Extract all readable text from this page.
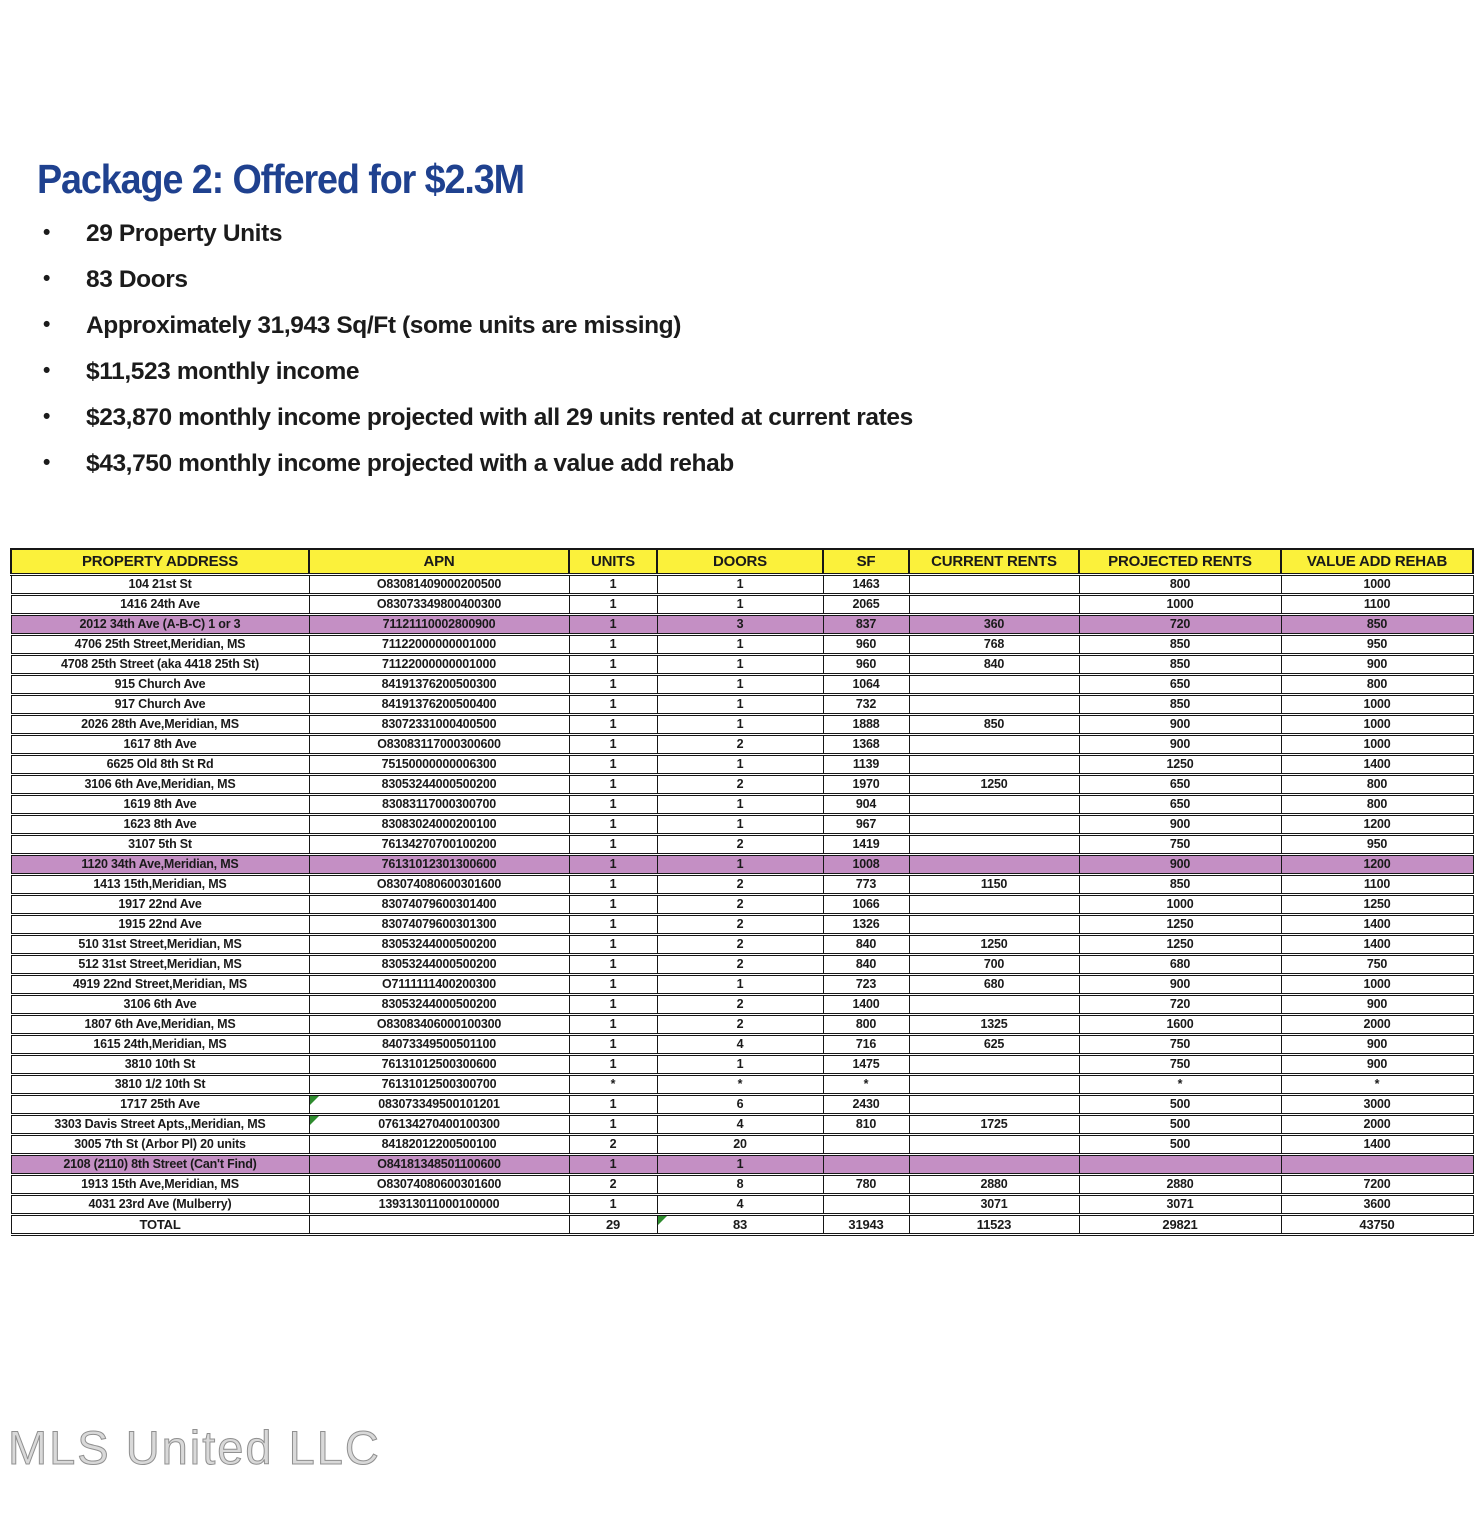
Package 2: Offered for $2.3M
• 29 Property Units
• 83 Doors
• Approximately 31,943 Sq/Ft (some units are missing)
• $11,523 monthly income
• $23,870 monthly income projected with all 29 units rented at current rates
• $43,750 monthly income projected with a value add rehab
PROPERTY ADDRESS	APN	UNITS	DOORS	SF	CURRENT RENTS	PROJECTED RENTS	VALUE ADD REHAB
104 21st St	O83081409000200500	1	1	1463		800	1000
1416 24th Ave	O83073349800400300	1	1	2065		1000	1100
2012 34th Ave (A-B-C) 1 or 3	71121110002800900	1	3	837	360	720	850
4706 25th Street,Meridian, MS	71122000000001000	1	1	960	768	850	950
4708 25th Street (aka 4418 25th St)	71122000000001000	1	1	960	840	850	900
915 Church Ave	84191376200500300	1	1	1064		650	800
917 Church Ave	84191376200500400	1	1	732		850	1000
2026 28th Ave,Meridian, MS	83072331000400500	1	1	1888	850	900	1000
1617 8th Ave	O83083117000300600	1	2	1368		900	1000
6625 Old 8th St Rd	75150000000006300	1	1	1139		1250	1400
3106 6th Ave,Meridian, MS	83053244000500200	1	2	1970	1250	650	800
1619 8th Ave	83083117000300700	1	1	904		650	800
1623 8th Ave	83083024000200100	1	1	967		900	1200
3107 5th St	76134270700100200	1	2	1419		750	950
1120 34th Ave,Meridian, MS	76131012301300600	1	1	1008		900	1200
1413 15th,Meridian, MS	O83074080600301600	1	2	773	1150	850	1100
1917 22nd Ave	83074079600301400	1	2	1066		1000	1250
1915 22nd Ave	83074079600301300	1	2	1326		1250	1400
510 31st Street,Meridian, MS	83053244000500200	1	2	840	1250	1250	1400
512 31st Street,Meridian, MS	83053244000500200	1	2	840	700	680	750
4919 22nd Street,Meridian, MS	O7111111400200300	1	1	723	680	900	1000
3106 6th Ave	83053244000500200	1	2	1400		720	900
1807 6th Ave,Meridian, MS	O83083406000100300	1	2	800	1325	1600	2000
1615 24th,Meridian, MS	84073349500501100	1	4	716	625	750	900
3810 10th St	76131012500300600	1	1	1475		750	900
3810 1/2 10th St	76131012500300700	*	*	*		*	*
1717 25th Ave	083073349500101201	1	6	2430		500	3000
3303 Davis Street Apts,,Meridian, MS	076134270400100300	1	4	810	1725	500	2000
3005 7th St (Arbor Pl) 20 units	84182012200500100	2	20			500	1400
2108 (2110) 8th Street (Can't Find)	O84181348501100600	1	1				
1913 15th Ave,Meridian, MS	O83074080600301600	2	8	780	2880	2880	7200
4031 23rd Ave (Mulberry)	139313011000100000	1	4		3071	3071	3600
TOTAL		29	83	31943	11523	29821	43750
MLS United LLC
